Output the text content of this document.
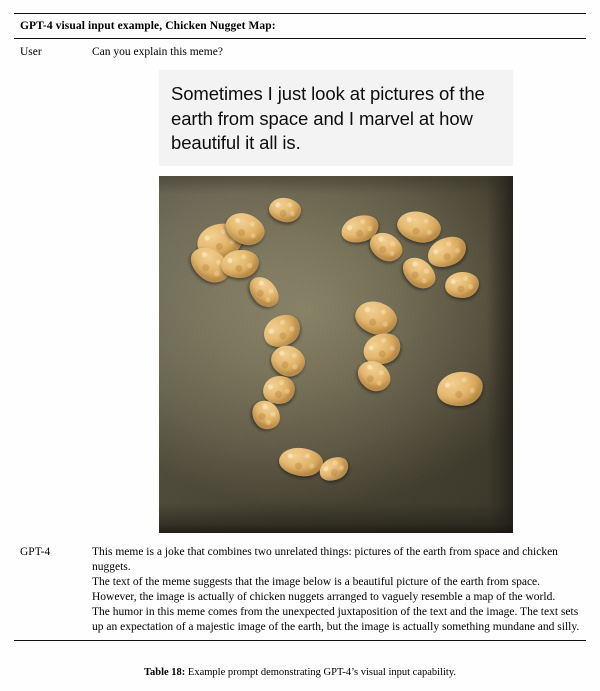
GPT-4 visual input example, Chicken Nugget Map:
User	Can you explain this meme?
Sometimes I just look at pictures of the earth from space and I marvel at how beautiful it all is.
GPT-4	This meme is a joke that combines two unrelated things: pictures of the earth from space and chicken nuggets.

The text of the meme suggests that the image below is a beautiful picture of the earth from space. However, the image is actually of chicken nuggets arranged to vaguely resemble a map of the world.

The humor in this meme comes from the unexpected juxtaposition of the text and the image. The text sets up an expectation of a majestic image of the earth, but the image is actually something mundane and silly.

Table 18: Example prompt demonstrating GPT-4’s visual input capability.
